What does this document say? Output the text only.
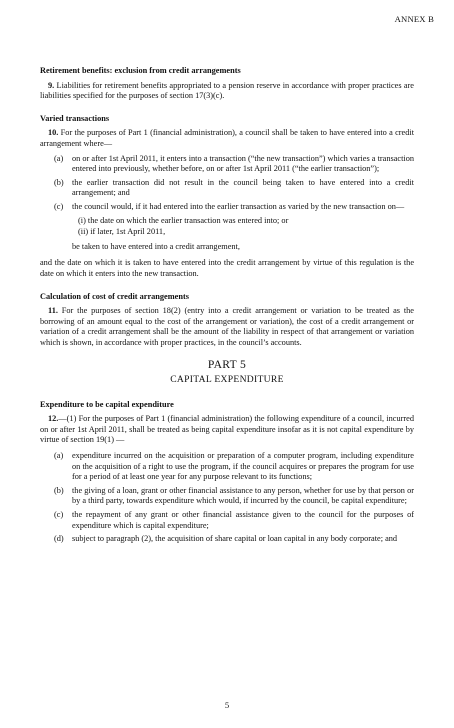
ANNEX B
Retirement benefits: exclusion from credit arrangements

9. Liabilities for retirement benefits appropriated to a pension reserve in accordance with proper practices are liabilities specified for the purposes of section 17(3)(c).

Varied transactions

10. For the purposes of Part 1 (financial administration), a council shall be taken to have entered into a credit arrangement where—

(a) on or after 1st April 2011, it enters into a transaction (“the new transaction”) which varies a transaction entered into previously, whether before, on or after 1st April 2011 (“the earlier transaction”);
(b) the earlier transaction did not result in the council being taken to have entered into a credit arrangement; and
(c) the council would, if it had entered into the earlier transaction as varied by the new transaction on—
(i) the date on which the earlier transaction was entered into; or
(ii) if later, 1st April 2011,
be taken to have entered into a credit arrangement,

and the date on which it is taken to have entered into the credit arrangement by virtue of this regulation is the date on which it enters into the new transaction.

Calculation of cost of credit arrangements

11. For the purposes of section 18(2) (entry into a credit arrangement or variation to be treated as the borrowing of an amount equal to the cost of the arrangement or variation), the cost of a credit arrangement or variation of a credit arrangement shall be the amount of the liability in respect of that arrangement or variation which is shown, in accordance with proper practices, in the council’s accounts.

PART 5
CAPITAL EXPENDITURE
Expenditure to be capital expenditure

12.—(1) For the purposes of Part 1 (financial administration) the following expenditure of a council, incurred on or after 1st April 2011, shall be treated as being capital expenditure insofar as it is not capital expenditure by virtue of section 19(1) —

(a) expenditure incurred on the acquisition or preparation of a computer program, including expenditure on the acquisition of a right to use the program, if the council acquires or prepares the program for use for a period of at least one year for any purpose relevant to its functions;
(b) the giving of a loan, grant or other financial assistance to any person, whether for use by that person or by a third party, towards expenditure which would, if incurred by the council, be capital expenditure;
(c) the repayment of any grant or other financial assistance given to the council for the purposes of expenditure which is capital expenditure;
(d) subject to paragraph (2), the acquisition of share capital or loan capital in any body corporate; and
5
